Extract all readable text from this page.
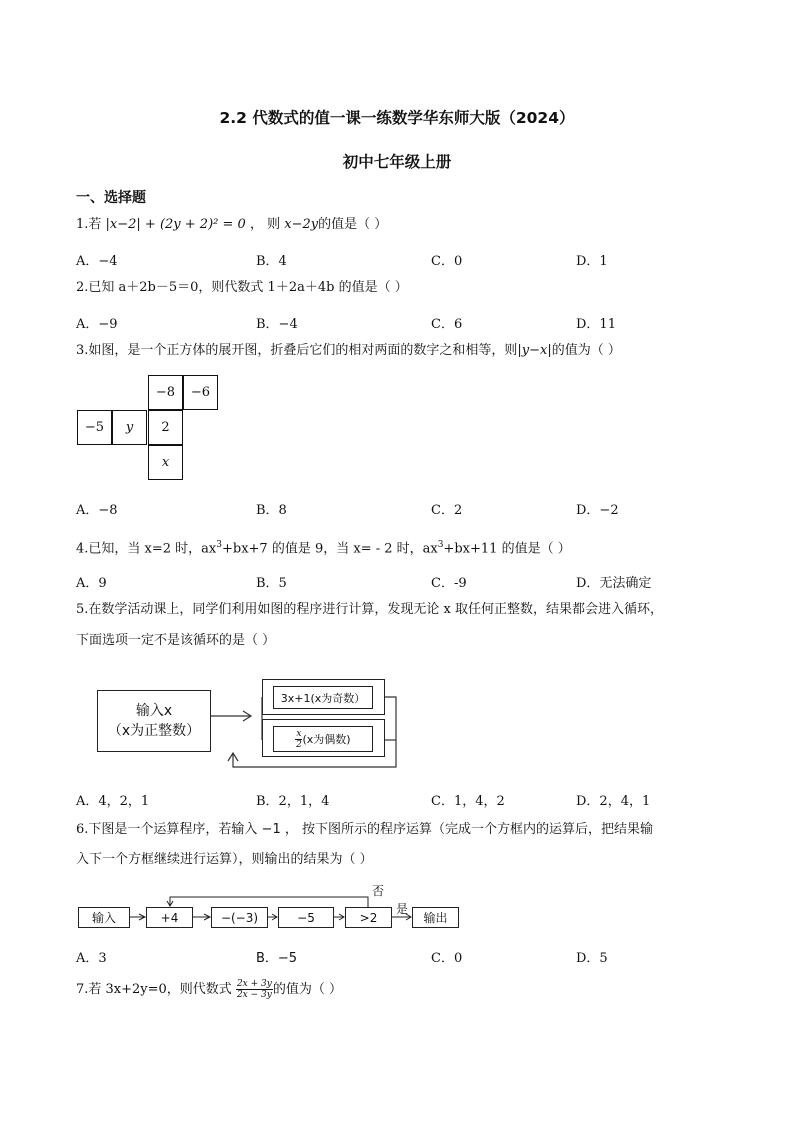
2.2 代数式的值一课一练数学华东师大版（2024）
初中七年级上册
一、选择题
1.若 |x−2| + (2y + 2)² = 0 ， 则 x−2y的值是（ ）
A．−4	B．4	C．0	D．1
2.已知 a＋2b－5＝0，则代数式 1＋2a＋4b 的值是（ ）
A．−9	B．−4	C．6	D．11
3.如图，是一个正方体的展开图，折叠后它们的相对两面的数字之和相等，则|y−x|的值为（ ）
−8	−6
−5	y	2
x
A．−8	B．8	C．2	D．−2
4.已知，当 x=2 时，$ax^3+bx+7$ 的值是 9，当 x= - 2 时，$ax^3+bx+11$ 的值是（ ）
A．9	B．5	C．-9	D．无法确定
5.在数学活动课上，同学们利用如图的程序进行计算，发现无论 x 取任何正整数，结果都会进入循环，
下面选项一定不是该循环的是（ ）
输入x
（x为正整数）
3x+1(x为奇数）
$\frac{x}{2} (x$为偶数)
A．4，2，1	B．2，1，4	C．1，4，2	D．2，4，1
6.下图是一个运算程序，若输入 −1 ， 按下图所示的程序运算（完成一个方框内的运算后，把结果输
入下一个方框继续进行运算），则输出的结果为（ ）
输入	+4	−(−3)	−5	>2	输出
否
是
A．3	B．−5	C．0	D．5
7.若 3x+2y=0，则代数式 $\frac{2x + 3y}{2x - 3y}$ 的值为（ ）
